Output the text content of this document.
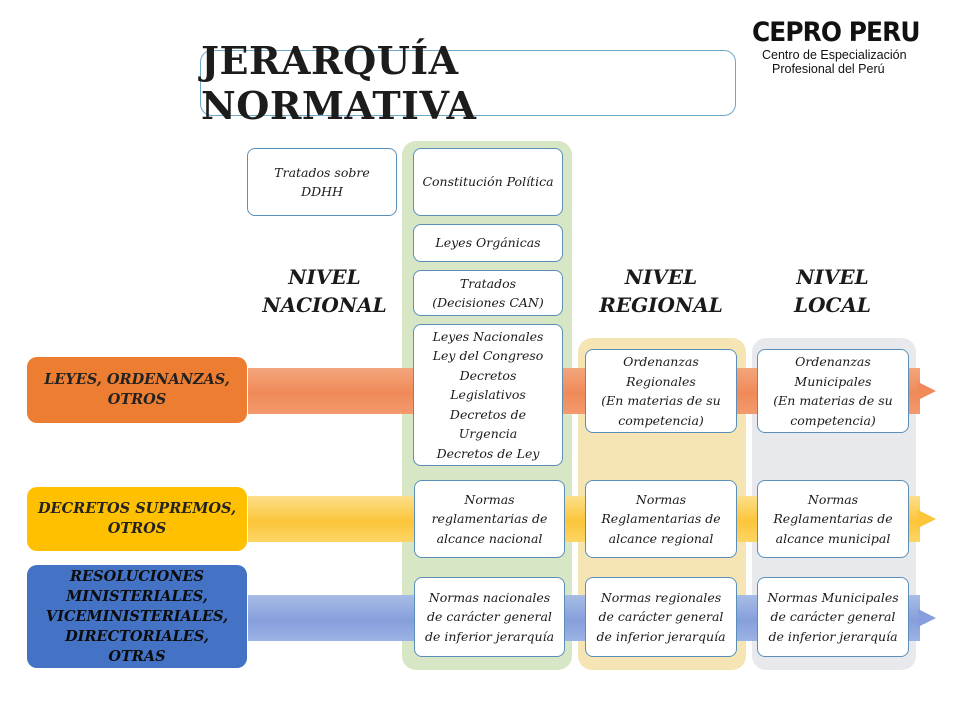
CEPRO PERU
Centro de Especialización
Profesional del Perú
JERARQUÍA NORMATIVA
NIVEL
NACIONAL
NIVEL
REGIONAL
NIVEL
LOCAL
LEYES, ORDENANZAS,
OTROS
DECRETOS SUPREMOS,
OTROS
RESOLUCIONES
MINISTERIALES,
VICEMINISTERIALES,
DIRECTORIALES, OTRAS
Tratados sobre
DDHH
Constitución Política
Leyes Orgánicas
Tratados
(Decisiones CAN)
Leyes Nacionales
Ley del Congreso
Decretos
Legislativos
Decretos de
Urgencia
Decretos de Ley
Normas
reglamentarias de
alcance nacional
Normas nacionales
de carácter general
de inferior jerarquía
Ordenanzas
Regionales
(En materias de su
competencia)
Normas
Reglamentarias de
alcance regional
Normas regionales
de carácter general
de inferior jerarquía
Ordenanzas
Municipales
(En materias de su
competencia)
Normas
Reglamentarias de
alcance municipal
Normas Municipales
de carácter general
de inferior jerarquía
